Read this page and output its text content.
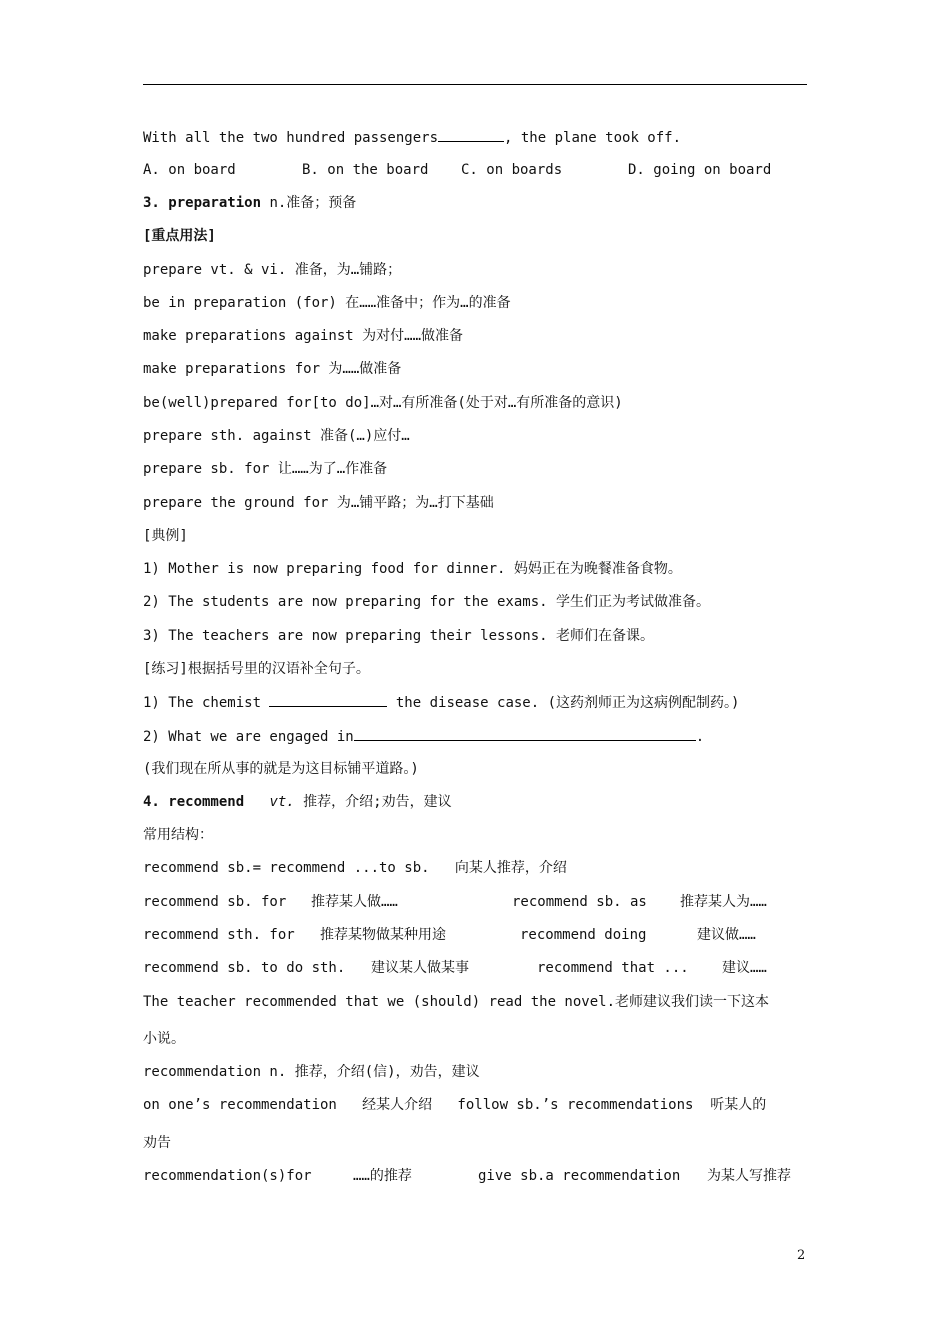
With all the two hundred passengers	, the plane took off.
A. on board	B. on the board	C. on boards	D. going on board
3. preparation n.准备；预备
[重点用法]
prepare vt. & vi. 准备，为…铺路；
be in preparation (for) 在……准备中；作为…的准备
make preparations against 为对付……做准备
make preparations for 为……做准备
be(well)prepared for[to do]…对…有所准备(处于对…有所准备的意识)
prepare sth. against 准备(…)应付…
prepare sb. for 让……为了…作准备
prepare the ground for 为…铺平路；为…打下基础
[典例]
1) Mother is now preparing food for dinner. 妈妈正在为晚餐准备食物。
2) The students are now preparing for the exams. 学生们正为考试做准备。
3) The teachers are now preparing their lessons. 老师们在备课。
[练习]根据括号里的汉语补全句子。
1) The chemist	the disease case. (这药剂师正为这病例配制药。)
2) What we are engaged in	.
(我们现在所从事的就是为这目标铺平道路。)
4. recommend vt. 推荐，介绍;劝告，建议
常用结构：
recommend sb.= recommend ...to sb.   向某人推荐，介绍
recommend sb. for	推荐某人做……	recommend sb. as	推荐某人为……
recommend sth. for	推荐某物做某种用途	recommend doing	建议做……
recommend sb. to do sth.	建议某人做某事	recommend that ...	建议……
The teacher recommended that we (should) read the novel.老师建议我们读一下这本
小说。
recommendation n. 推荐，介绍(信)，劝告，建议
on one’s recommendation   经某人介绍   follow sb.’s recommendations  听某人的
劝告
recommendation(s)for	……的推荐	give sb.a recommendation	为某人写推荐
2
